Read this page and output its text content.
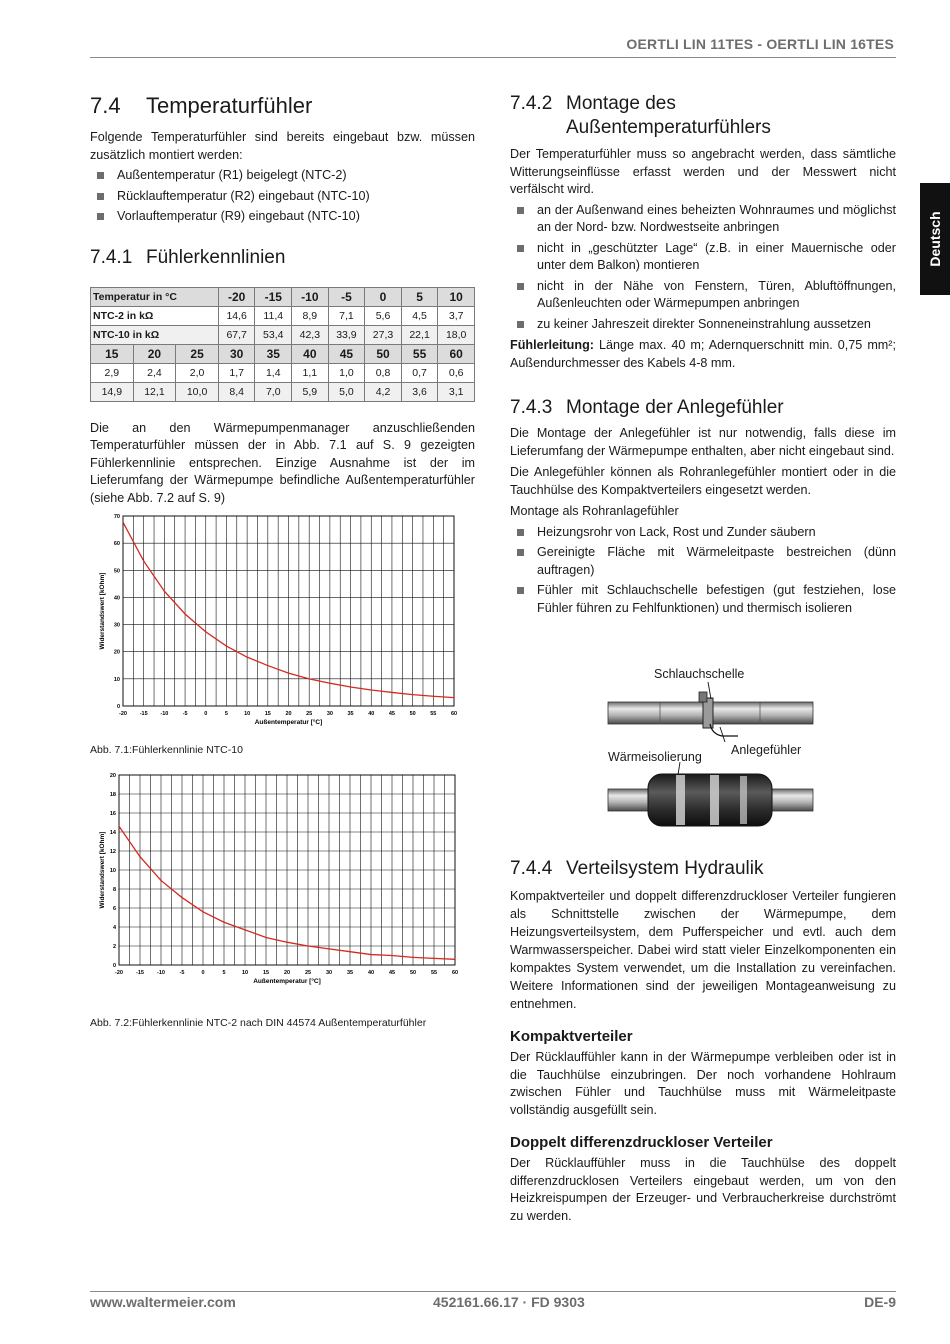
OERTLI LIN 11TES - OERTLI LIN 16TES
Deutsch
7.4	Temperaturfühler

Folgende Temperaturfühler sind bereits eingebaut bzw. müssen zusätzlich montiert werden:

Außentemperatur (R1) beigelegt (NTC-2)
Rücklauftemperatur (R2) eingebaut (NTC-10)
Vorlauftemperatur (R9) eingebaut (NTC-10)
7.4.1 Fühlerkennlinien
Temperatur in °C			-20	-15	-10	-5	0	5	10
NTC-2 in kΩ			14,6	11,4	8,9	7,1	5,6	4,5	3,7
NTC-10 in kΩ			67,7	53,4	42,3	33,9	27,3	22,1	18,0
15	20	25	30	35	40	45	50	55	60
2,9	2,4	2,0	1,7	1,4	1,1	1,0	0,8	0,7	0,6
14,9	12,1	10,0	8,4	7,0	5,9	5,0	4,2	3,6	3,1

Die an den Wärmepumpenmanager anzuschließenden Temperaturfühler müssen der in Abb. 7.1 auf S. 9 gezeigten Fühlerkennlinie entsprechen. Einzige Ausnahme ist der im Lieferumfang der Wärmepumpe befindliche Außentemperaturfühler (siehe Abb. 7.2 auf S. 9)

-20 -15 -10	-5	0	5	10	15	20	25	30	35	40	45	50	55	60
0
10
20
30
40
50
60
70
Außentemperatur [°C]
Widerstandswert [kOhm]
Abb. 7.1:Fühlerkennlinie NTC-10
-20 -15 -10	-5	0	5	10	15	20	25	30	35	40	45	50	55	60
0
2
4
6
8
10
12
14
16
18
20
Außentemperatur [°C]
Widerstandswert [kOhm]
Abb. 7.2:Fühlerkennlinie NTC-2 nach DIN 44574 Außentemperaturfühler
7.4.2 Montage des
Außentemperaturfühlers

Der Temperaturfühler muss so angebracht werden, dass sämtliche Witterungseinflüsse erfasst werden und der Messwert nicht verfälscht wird.

an der Außenwand eines beheizten Wohnraumes und möglichst an der Nord- bzw. Nordwestseite anbringen
nicht in „geschützter Lage“ (z.B. in einer Mauernische oder unter dem Balkon) montieren
nicht in der Nähe von Fenstern, Türen, Abluftöffnungen, Außenleuchten oder Wärmepumpen anbringen
zu keiner Jahreszeit direkter Sonneneinstrahlung aussetzen

Fühlerleitung: Länge max. 40 m; Adernquerschnitt min. 0,75 mm²; Außendurchmesser des Kabels 4-8 mm.

7.4.3 Montage der Anlegefühler

Die Montage der Anlegefühler ist nur notwendig, falls diese im Lieferumfang der Wärmepumpe enthalten, aber nicht eingebaut sind.

Die Anlegefühler können als Rohranlegefühler montiert oder in die Tauchhülse des Kompaktverteilers eingesetzt werden.

Montage als Rohranlagefühler

Heizungsrohr von Lack, Rost und Zunder säubern
Gereinigte Fläche mit Wärmeleitpaste bestreichen (dünn auftragen)
Fühler mit Schlauchschelle befestigen (gut festziehen, lose Fühler führen zu Fehlfunktionen) und thermisch isolieren
Schlauchschelle
Wärmeisolierung Anlegefühler
7.4.4 Verteilsystem Hydraulik

Kompaktverteiler und doppelt differenzdruckloser Verteiler fungieren als Schnittstelle zwischen der Wärmepumpe, dem Heizungsverteilsystem, dem Pufferspeicher und evtl. auch dem Warmwasserspeicher. Dabei wird statt vieler Einzelkomponenten ein kompaktes System verwendet, um die Installation zu vereinfachen. Weitere Informationen sind der jeweiligen Montageanweisung zu entnehmen.

Kompaktverteiler

Der Rücklauffühler kann in der Wärmepumpe verbleiben oder ist in die Tauchhülse einzubringen. Der noch vorhandene Hohlraum zwischen Fühler und Tauchhülse muss mit Wärmeleitpaste vollständig ausgefüllt sein.

Doppelt differenzdruckloser Verteiler

Der Rücklauffühler muss in die Tauchhülse des doppelt differenzdrucklosen Verteilers eingebaut werden, um von den Heizkreispumpen der Erzeuger- und Verbraucherkreise durchströmt zu werden.

www.waltermeier.com	452161.66.17 · FD 9303	DE-9
